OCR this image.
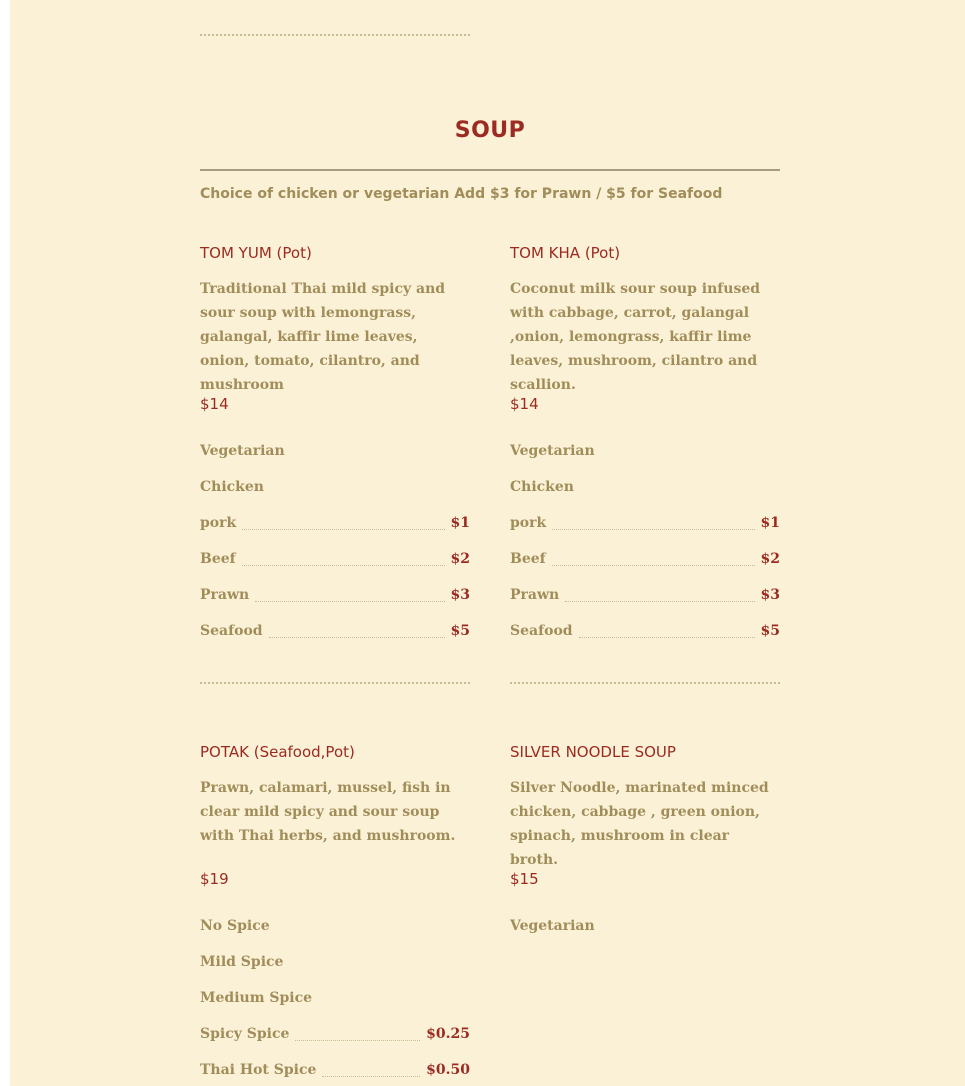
SOUP

Choice of chicken or vegetarian Add $3 for Prawn / $5 for Seafood

TOM YUM (Pot)

Traditional Thai mild spicy and sour soup with lemongrass, galangal, kaffir lime leaves, onion, tomato, cilantro, and mushroom

$14

Vegetarian
Chicken
pork	$1
Beef	$2
Prawn	$3
Seafood	$5
TOM KHA (Pot)

Coconut milk sour soup infused with cabbage, carrot, galangal ,onion, lemongrass, kaffir lime leaves, mushroom, cilantro and scallion.

$14

Vegetarian
Chicken
pork	$1
Beef	$2
Prawn	$3
Seafood	$5
POTAK (Seafood,Pot)

Prawn, calamari, mussel, fish in clear mild spicy and sour soup with Thai herbs, and mushroom.

$19

No Spice
Mild Spice
Medium Spice
Spicy Spice	$0.25
Thai Hot Spice	$0.50
SILVER NOODLE SOUP

Silver Noodle, marinated minced chicken, cabbage , green onion, spinach, mushroom in clear broth.

$15

Vegetarian
